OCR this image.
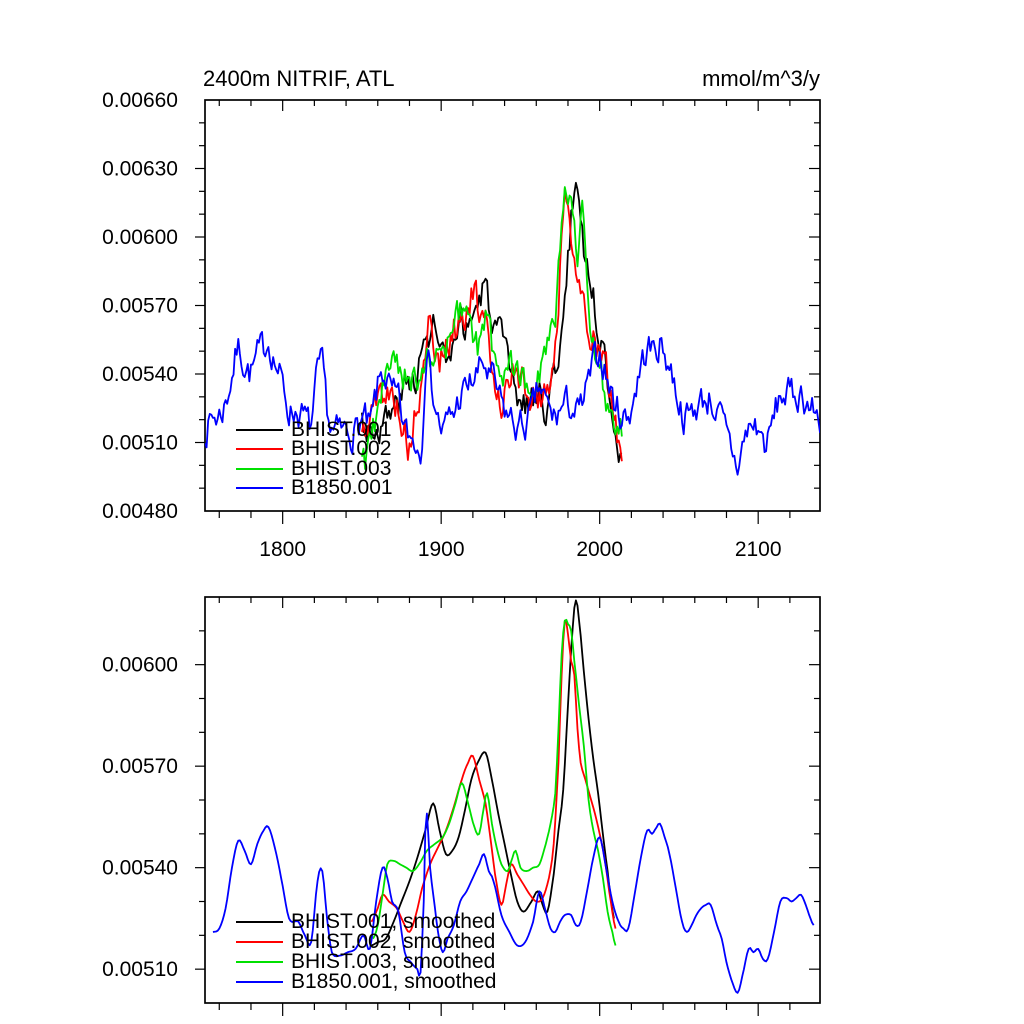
0.00660
0.00630
0.00600
0.00570
0.00540
0.00510
0.00480
1800	1900	2000	2100
0.00600
0.00570
0.00540
0.00510
2400m NITRIF, ATL	mmol/m^3/y
BHIST.001
BHIST.002
BHIST.003
B1850.001
BHIST.001, smoothed
BHIST.002, smoothed
BHIST.003, smoothed
B1850.001, smoothed
